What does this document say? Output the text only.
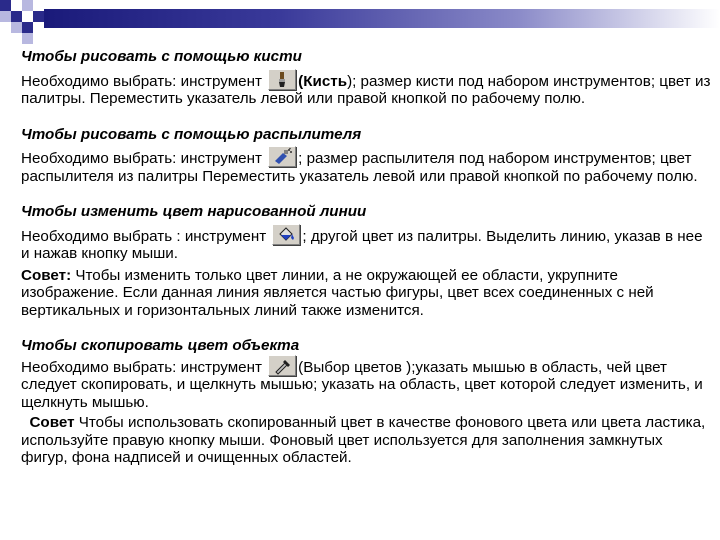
Чтобы рисовать с помощью кисти

Необходимо выбрать: инструмент
(Кисть); размер кисти под набором инструментов; цвет из палитры. Переместить указатель левой или правой кнопкой по рабочему полю.

Чтобы рисовать с помощью распылителя

Необходимо выбрать: инструмент
; размер распылителя под набором инструментов; цвет распылителя из палитры Переместить указатель левой или правой кнопкой по рабочему полю.

Чтобы изменить цвет нарисованной линии

Необходимо выбрать : инструмент
; другой цвет из палитры. Выделить линию, указав в нее и нажав кнопку мыши.

Совет: Чтобы изменить только цвет линии, а не окружающей ее области, укрупните изображение. Если данная линия является частью фигуры, цвет всех соединенных с ней вертикальных и горизонтальных линий также изменится.

Чтобы скопировать цвет объекта

Необходимо выбрать: инструмент
(Выбор цветов );указать мышью в область, чей цвет следует скопировать, и щелкнуть мышью; указать на область, цвет которой следует изменить, и щелкнуть мышью.

Совет Чтобы использовать скопированный цвет в качестве фонового цвета или цвета ластика, используйте правую кнопку мыши. Фоновый цвет используется для заполнения замкнутых фигур, фона надписей и очищенных областей.
